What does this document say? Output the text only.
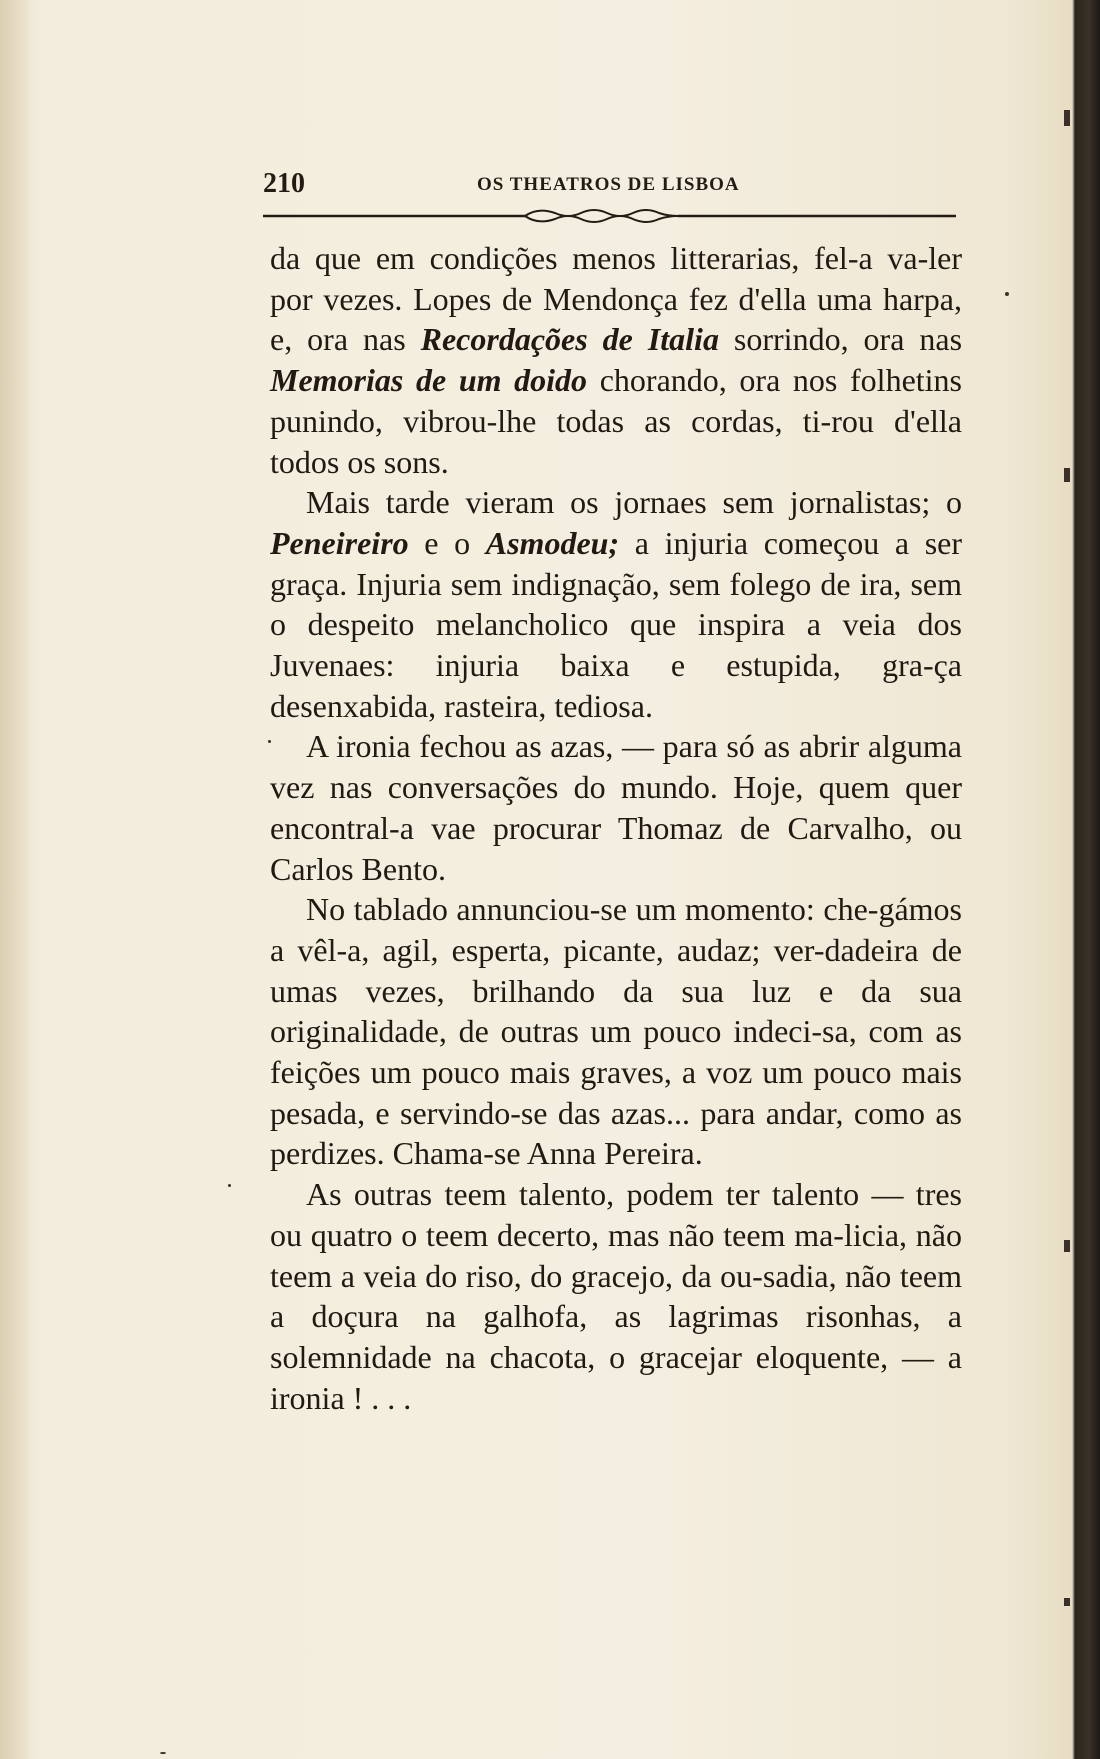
210	OS THEATROS DE LISBOA

da que em condições menos litterarias, fel-a va-ler por vezes. Lopes de Mendonça fez d'ella uma harpa, e, ora nas Recordações de Italia sorrindo, ora nas Memorias de um doido chorando, ora nos folhetins punindo, vibrou-lhe todas as cordas, ti-rou d'ella todos os sons.

Mais tarde vieram os jornaes sem jornalistas; o Peneireiro e o Asmodeu; a injuria começou a ser graça. Injuria sem indignação, sem folego de ira, sem o despeito melancholico que inspira a veia dos Juvenaes: injuria baixa e estupida, gra-ça desenxabida, rasteira, tediosa.

A ironia fechou as azas, — para só as abrir alguma vez nas conversações do mundo. Hoje, quem quer encontral-a vae procurar Thomaz de Carvalho, ou Carlos Bento.

No tablado annunciou-se um momento: che-gámos a vêl-a, agil, esperta, picante, audaz; ver-dadeira de umas vezes, brilhando da sua luz e da sua originalidade, de outras um pouco indeci-sa, com as feições um pouco mais graves, a voz um pouco mais pesada, e servindo-se das azas... para andar, como as perdizes. Chama-se Anna Pereira.

As outras teem talento, podem ter talento — tres ou quatro o teem decerto, mas não teem ma-licia, não teem a veia do riso, do gracejo, da ou-sadia, não teem a doçura na galhofa, as lagrimas risonhas, a solemnidade na chacota, o gracejar eloquente, — a ironia ! . . .
